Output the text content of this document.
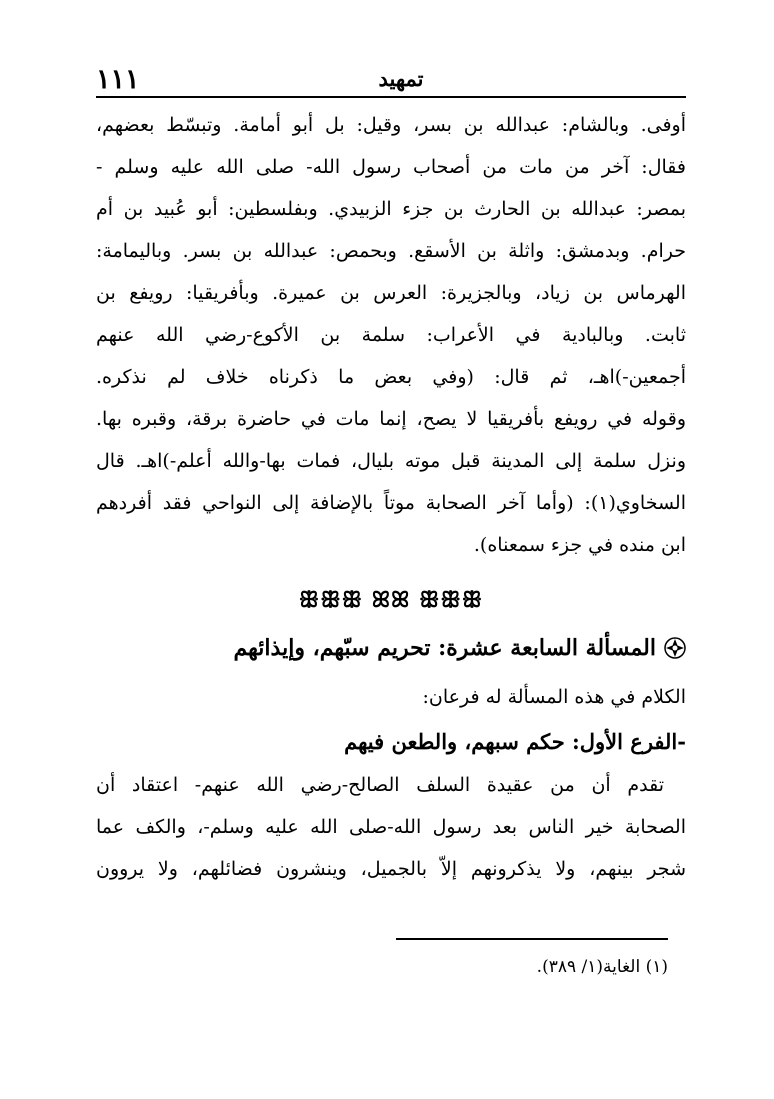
١١١	تمهيد
أوفى. وبالشام: عبدالله بن بسر، وقيل: بل أبو أمامة. وتبسّط بعضهم،
فقال: آخر من مات من أصحاب رسول الله- صلى الله عليه وسلم -
بمصر: عبدالله بن الحارث بن جزء الزبيدي. وبفلسطين: أبو عُبيد بن أم
حرام. وبدمشق: واثلة بن الأسقع. وبحمص: عبدالله بن بسر. وباليمامة:
الهرماس بن زياد، وبالجزيرة: العرس بن عميرة. وبأفريقيا: رويفع بن
ثابت. وبالبادية في الأعراب: سلمة بن الأكوع-رضي الله عنهم
أجمعين-)اهـ، ثم قال: (وفي بعض ما ذكرناه خلاف لم نذكره.
وقوله في رويفع بأفريقيا لا يصح، إنما مات في حاضرة برقة، وقبره بها.
ونزل سلمة إلى المدينة قبل موته بليال، فمات بها-والله أعلم-)اهـ. قال
السخاوي(١): (وأما آخر الصحابة موتاً بالإضافة إلى النواحي فقد أفردهم
ابن منده في جزء سمعناه).
ꕥꕥꕥ ꕤꕤ ꕥꕥꕥ
المسألة السابعة عشرة: تحريم سبّهم، وإيذائهم
الكلام في هذه المسألة له فرعان:
-الفرع الأول: حكم سبهم، والطعن فيهم
تقدم أن من عقيدة السلف الصالح-رضي الله عنهم- اعتقاد أن
الصحابة خير الناس بعد رسول الله-صلى الله عليه وسلم-، والكف عما
شجر بينهم، ولا يذكرونهم إلاّ بالجميل، وينشرون فضائلهم، ولا يروون
(١) الغاية(١/ ٣٨٩).
